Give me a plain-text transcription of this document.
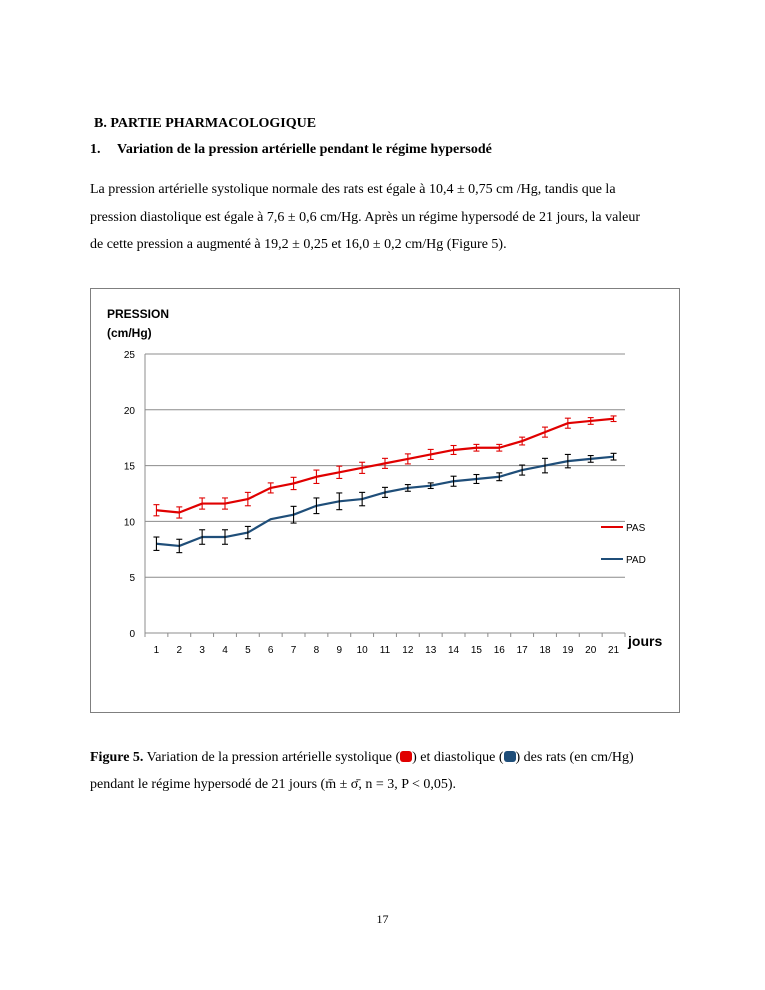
B. PARTIE PHARMACOLOGIQUE
1. Variation de la pression artérielle pendant le régime hypersodé

La pression artérielle systolique normale des rats est égale à 10,4 ± 0,75 cm /Hg, tandis que la

pression diastolique est égale à 7,6 ± 0,6 cm/Hg. Après un régime hypersodé de 21 jours, la valeur

de cette pression a augmenté à 19,2 ± 0,25 et 16,0 ± 0,2 cm/Hg (Figure 5).

0
5
10
15
20
25
1 2 3 4 5 6 7 8 9 10 11 12 13 14 15 16 17 18 19 20 21
PRESSION
(cm/Hg)
jours
PAS
PAD

Figure 5. Variation de la pression artérielle systolique ( ) et diastolique ( ) des rats (en cm/Hg)

pendant le régime hypersodé de 21 jours (m̄ ± σ̄, n = 3, P < 0,05).

17
